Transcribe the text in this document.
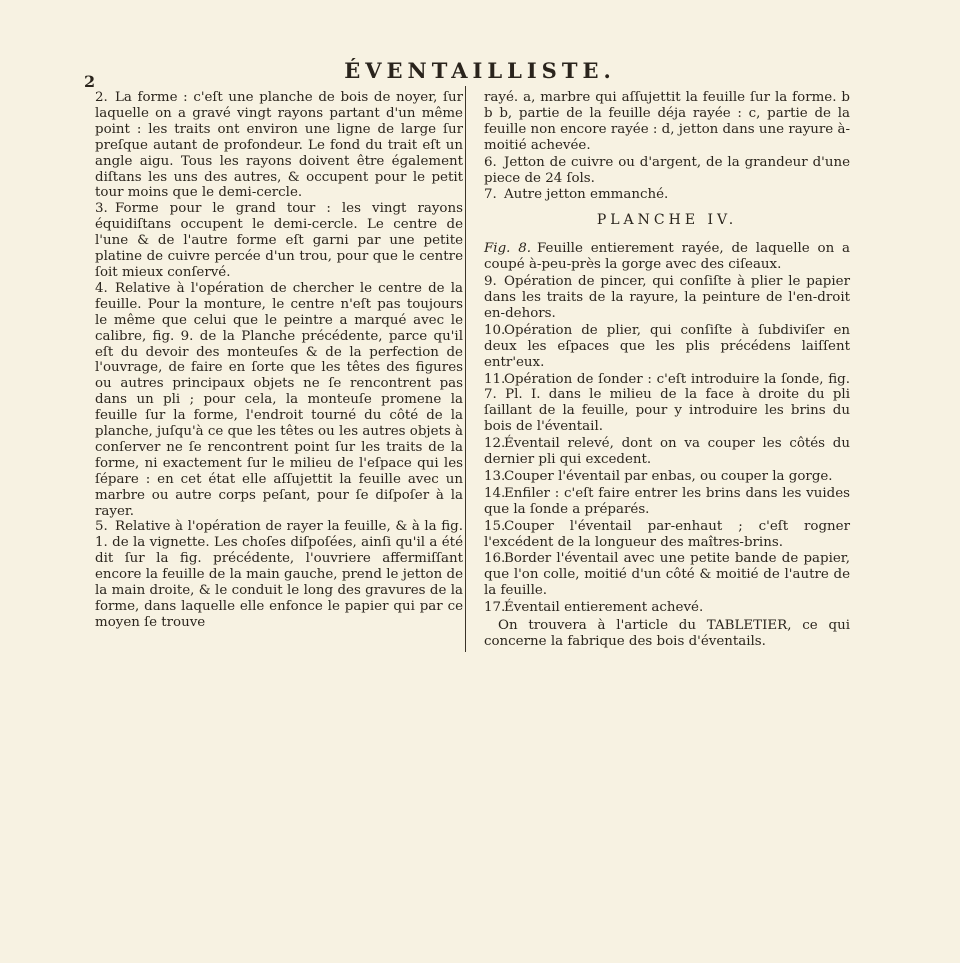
2	ÉVENTAILLISTE.

2. La forme : c'eſt une planche de bois de noyer, ſur laquelle on a gravé vingt rayons partant d'un même point : les traits ont environ une ligne de large ſur preſque autant de profondeur. Le fond du trait eſt un angle aigu. Tous les rayons doivent être également diſtans les uns des autres, & occupent pour le petit tour moins que le demi-cercle.

3. Forme pour le grand tour : les vingt rayons équidiſtans occupent le demi-cercle. Le centre de l'une & de l'autre forme eſt garni par une petite platine de cuivre percée d'un trou, pour que le centre ſoit mieux conſervé.

4. Relative à l'opération de chercher le centre de la feuille. Pour la monture, le centre n'eſt pas toujours le même que celui que le peintre a marqué avec le calibre, fig. 9. de la Planche précédente, parce qu'il eſt du devoir des monteuſes & de la perfection de l'ouvrage, de faire en ſorte que les têtes des figures ou autres principaux objets ne ſe rencontrent pas dans un pli ; pour cela, la monteuſe promene la feuille ſur la forme, l'endroit tourné du côté de la planche, juſqu'à ce que les têtes ou les autres objets à conſerver ne ſe rencontrent point ſur les traits de la forme, ni exactement ſur le milieu de l'eſpace qui les ſépare : en cet état elle aſſujettit la feuille avec un marbre ou autre corps peſant, pour ſe diſpoſer à la rayer.

5. Relative à l'opération de rayer la feuille, & à la fig. 1. de la vignette. Les choſes diſpoſées, ainſi qu'il a été dit ſur la fig. précédente, l'ouvriere affermiſſant encore la feuille de la main gauche, prend le jetton de la main droite, & le conduit le long des gravures de la forme, dans laquelle elle enfonce le papier qui par ce moyen ſe trouve

rayé. a, marbre qui aſſujettit la feuille ſur la forme. b b b, partie de la feuille déja rayée : c, partie de la feuille non encore rayée : d, jetton dans une rayure à-moitié achevée.

6. Jetton de cuivre ou d'argent, de la grandeur d'une piece de 24 ſols.

7. Autre jetton emmanché.

PLANCHE IV.

Fig. 8. Feuille entierement rayée, de laquelle on a coupé à-peu-près la gorge avec des ciſeaux.

9. Opération de pincer, qui conſiſte à plier le papier dans les traits de la rayure, la peinture de l'en-droit en-dehors.

10.Opération de plier, qui conſiſte à ſubdiviſer en deux les eſpaces que les plis précédens laiſſent entr'eux.

11.Opération de ſonder : c'eſt introduire la ſonde, fig. 7. Pl. I. dans le milieu de la face à droite du pli ſaillant de la feuille, pour y introduire les brins du bois de l'éventail.

12.Éventail relevé, dont on va couper les côtés du dernier pli qui excedent.

13.Couper l'éventail par enbas, ou couper la gorge.

14.Enfiler : c'eſt faire entrer les brins dans les vuides que la ſonde a préparés.

15.Couper l'éventail par-enhaut ; c'eſt rogner l'excédent de la longueur des maîtres-brins.

16.Border l'éventail avec une petite bande de papier, que l'on colle, moitié d'un côté & moitié de l'autre de la feuille.

17.Éventail entierement achevé.

On trouvera à l'article du TABLETIER, ce qui concerne la fabrique des bois d'éventails.
